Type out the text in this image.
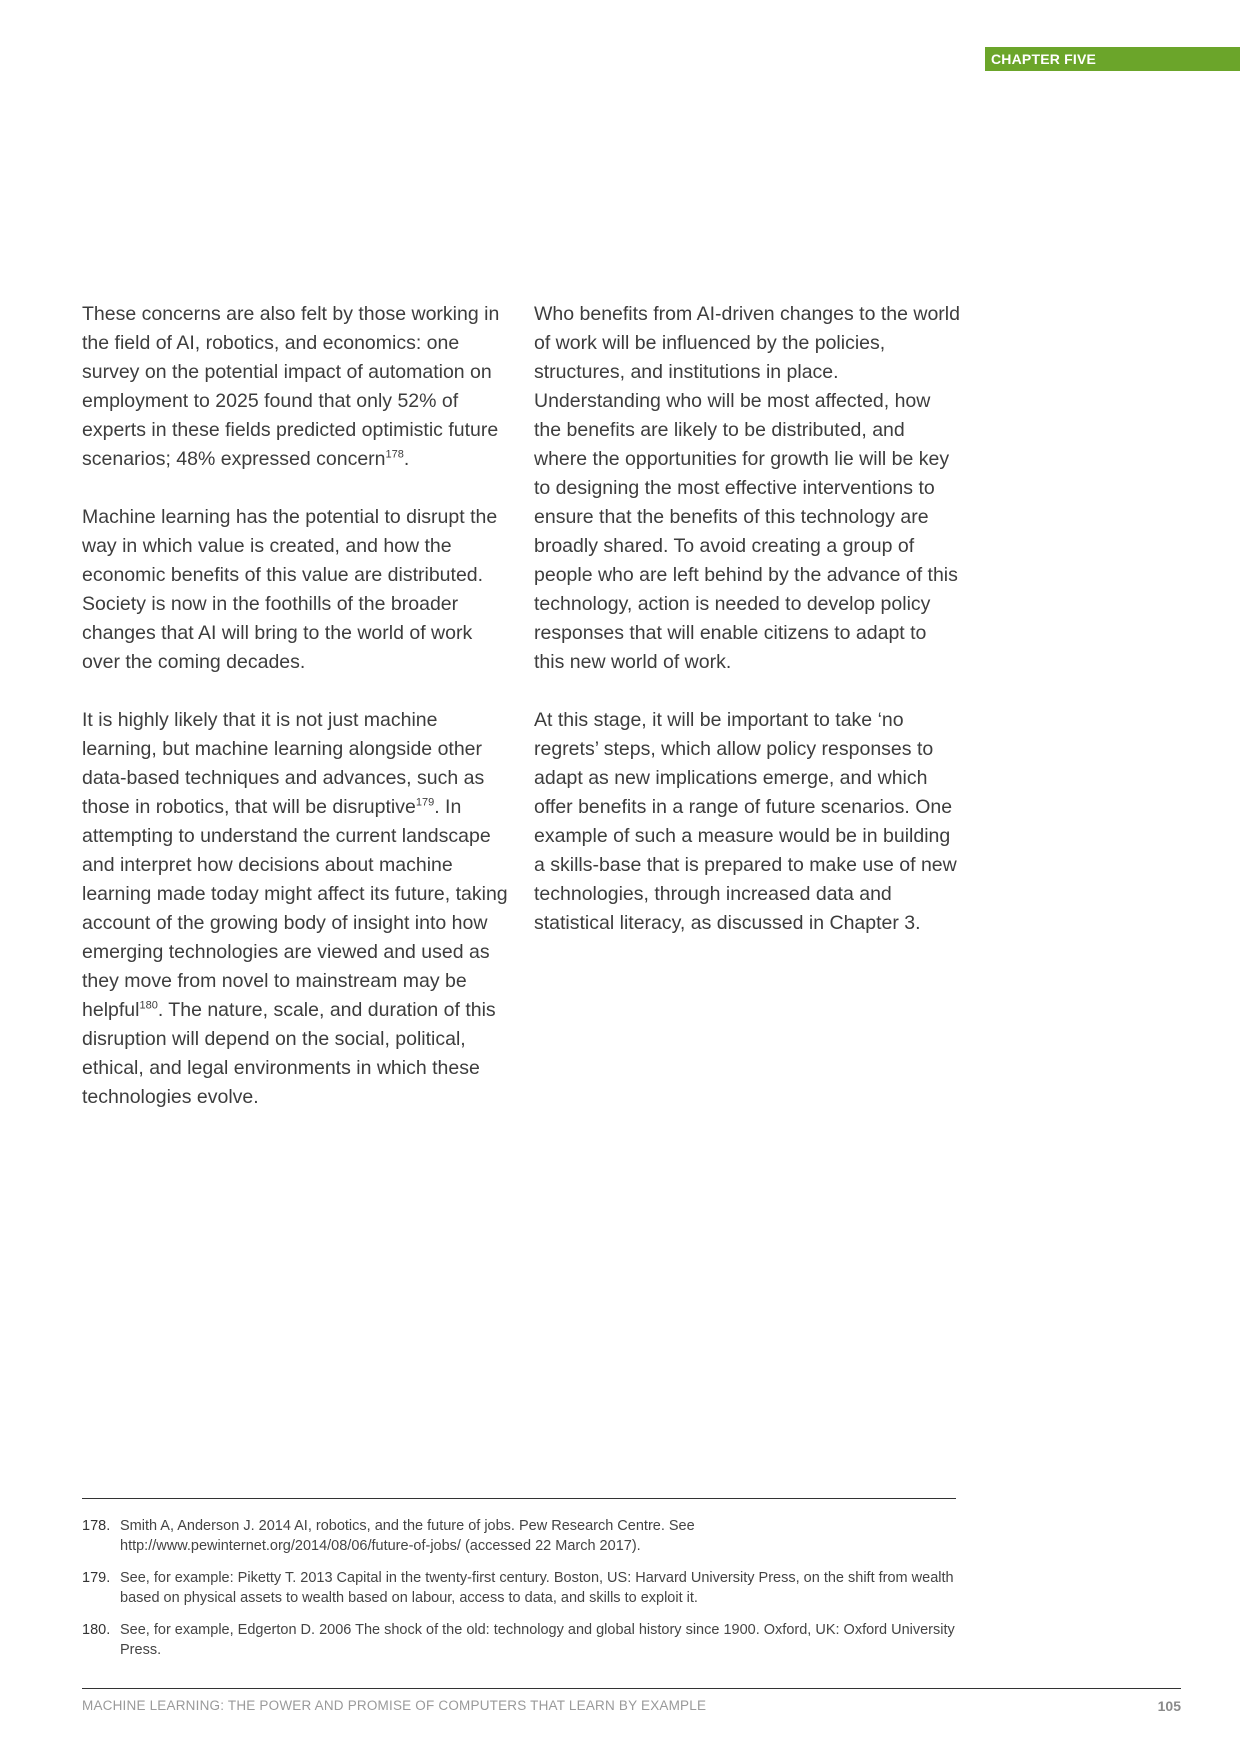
CHAPTER FIVE

These concerns are also felt by those working in the field of AI, robotics, and economics: one survey on the potential impact of automation on employment to 2025 found that only 52% of experts in these fields predicted optimistic future scenarios; 48% expressed concern$^{178}$.

Machine learning has the potential to disrupt the way in which value is created, and how the economic benefits of this value are distributed. Society is now in the foothills of the broader changes that AI will bring to the world of work over the coming decades.

It is highly likely that it is not just machine learning, but machine learning alongside other data-based techniques and advances, such as those in robotics, that will be disruptive$^{179}$. In attempting to understand the current landscape and interpret how decisions about machine learning made today might affect its future, taking account of the growing body of insight into how emerging technologies are viewed and used as they move from novel to mainstream may be helpful$^{180}$. The nature, scale, and duration of this disruption will depend on the social, political, ethical, and legal environments in which these technologies evolve.

Who benefits from AI-driven changes to the world of work will be influenced by the policies, structures, and institutions in place. Understanding who will be most affected, how the benefits are likely to be distributed, and where the opportunities for growth lie will be key to designing the most effective interventions to ensure that the benefits of this technology are broadly shared. To avoid creating a group of people who are left behind by the advance of this technology, action is needed to develop policy responses that will enable citizens to adapt to this new world of work.

At this stage, it will be important to take ‘no regrets’ steps, which allow policy responses to adapt as new implications emerge, and which offer benefits in a range of future scenarios. One example of such a measure would be in building a skills-base that is prepared to make use of new technologies, through increased data and statistical literacy, as discussed in Chapter 3.

178. Smith A, Anderson J. 2014 AI, robotics, and the future of jobs. Pew Research Centre. See http://www.pewinternet.org/2014/08/06/future-of-jobs/ (accessed 22 March 2017).
179. See, for example: Piketty T. 2013 Capital in the twenty-first century. Boston, US: Harvard University Press, on the shift from wealth based on physical assets to wealth based on labour, access to data, and skills to exploit it.
180. See, for example, Edgerton D. 2006 The shock of the old: technology and global history since 1900. Oxford, UK: Oxford University Press.
MACHINE LEARNING: THE POWER AND PROMISE OF COMPUTERS THAT LEARN BY EXAMPLE	105
